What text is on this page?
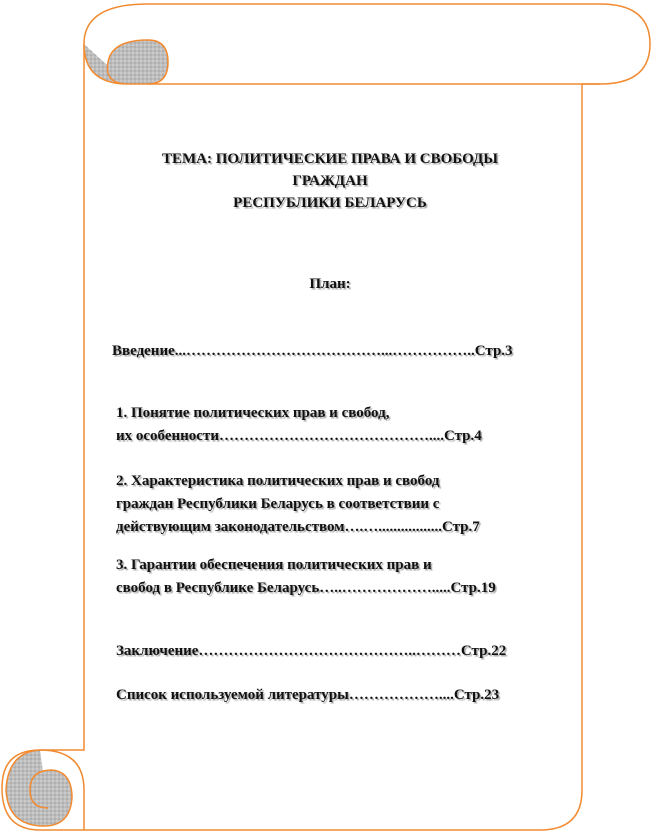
ТЕМА: ПОЛИТИЧЕСКИЕ ПРАВА И СВОБОДЫ
ГРАЖДАН
РЕСПУБЛИКИ БЕЛАРУСЬ
План:
Введение...…………………………………...……………..Стр.3
1. Понятие политических прав и свобод,
их особенности……………………………………....Стр.4
2. Характеристика политических прав и свобод
граждан Республики Беларусь в соответствии с
действующим законодательством….….................Стр.7
3. Гарантии обеспечения политических прав и
свобод в Республике Беларусь…..……………….....Стр.19
Заключение……………………………………..………Стр.22
Список используемой литературы………………....Стр.23
